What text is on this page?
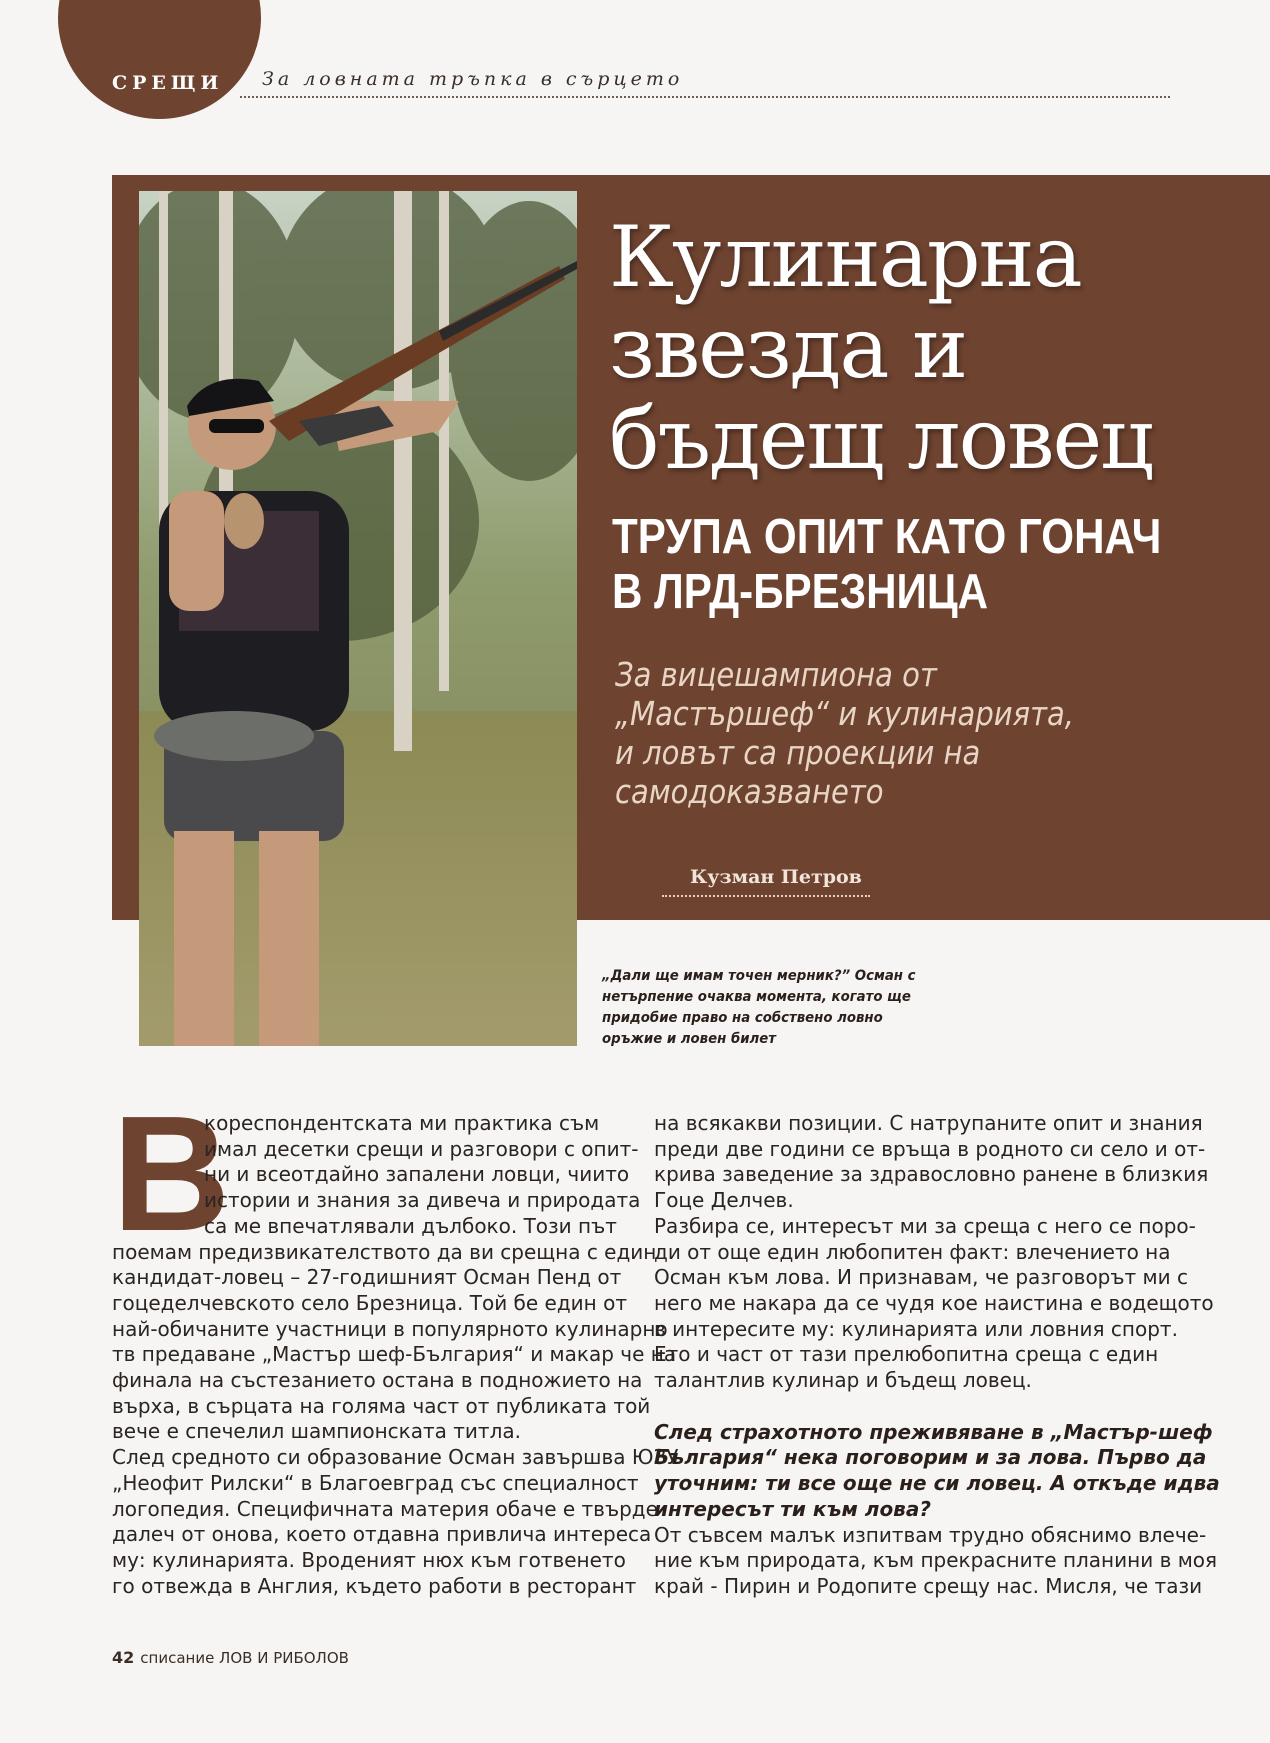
СРЕЩИ За ловната тръпка в сърцето
Кулинарна
звезда и
бъдещ ловец
ТРУПА ОПИТ КАТО ГОНАЧ
В ЛРД-БРЕЗНИЦА
За вицешампиона от
„Мастършеф“ и кулинарията,
и ловът са проекции на
самодоказването
Кузман Петров
„Дали ще имам точен мерник?” Осман с нетърпение очаква момента, когато ще придобие право на собствено ловно оръжие и ловен билет
В

кореспондентската ми практика съм
имал десетки срещи и разговори с опит-
ни и всеотдайно запалени ловци, чиито
истории и знания за дивеча и природата
са ме впечатлявали дълбоко. Този път
поемам предизвикателството да ви срещна с един
кандидат-ловец – 27-годишният Осман Пенд от
гоцеделчевското село Брезница. Той бе един от
най-обичаните участници в популярното кулинарно
тв предаване „Мастър шеф-България“ и макар че на
финала на състезанието остана в подножието на
върха, в сърцата на голяма част от публиката той
вече е спечелил шампионската титла.
След средното си образование Осман завършва ЮЗУ
„Неофит Рилски“ в Благоевград със специалност
логопедия. Специфичната материя обаче е твърде
далеч от онова, което отдавна привлича интереса
му: кулинарията. Вроденият нюх към готвенето
го отвежда в Англия, където работи в ресторант

на всякакви позиции. С натрупаните опит и знания
преди две години се връща в родното си село и от-
крива заведение за здравословно ранене в близкия
Гоце Делчев.
Разбира се, интересът ми за среща с него се поро-
ди от още един любопитен факт: влечението на
Осман към лова. И признавам, че разговорът ми с
него ме накара да се чудя кое наистина е водещото
в интересите му: кулинарията или ловния спорт.
Ето и част от тази прелюбопитна среща с един
талантлив кулинар и бъдещ ловец.

След страхотното преживяване в „Мастър-шеф
България“ нека поговорим и за лова. Първо да
уточним: ти все още не си ловец. А откъде идва
интересът ти към лова?

От съвсем малък изпитвам трудно обяснимо влече-
ние към природата, към прекрасните планини в моя
край - Пирин и Родопите срещу нас. Мисля, че тази

42 списание ЛОВ И РИБОЛОВ
